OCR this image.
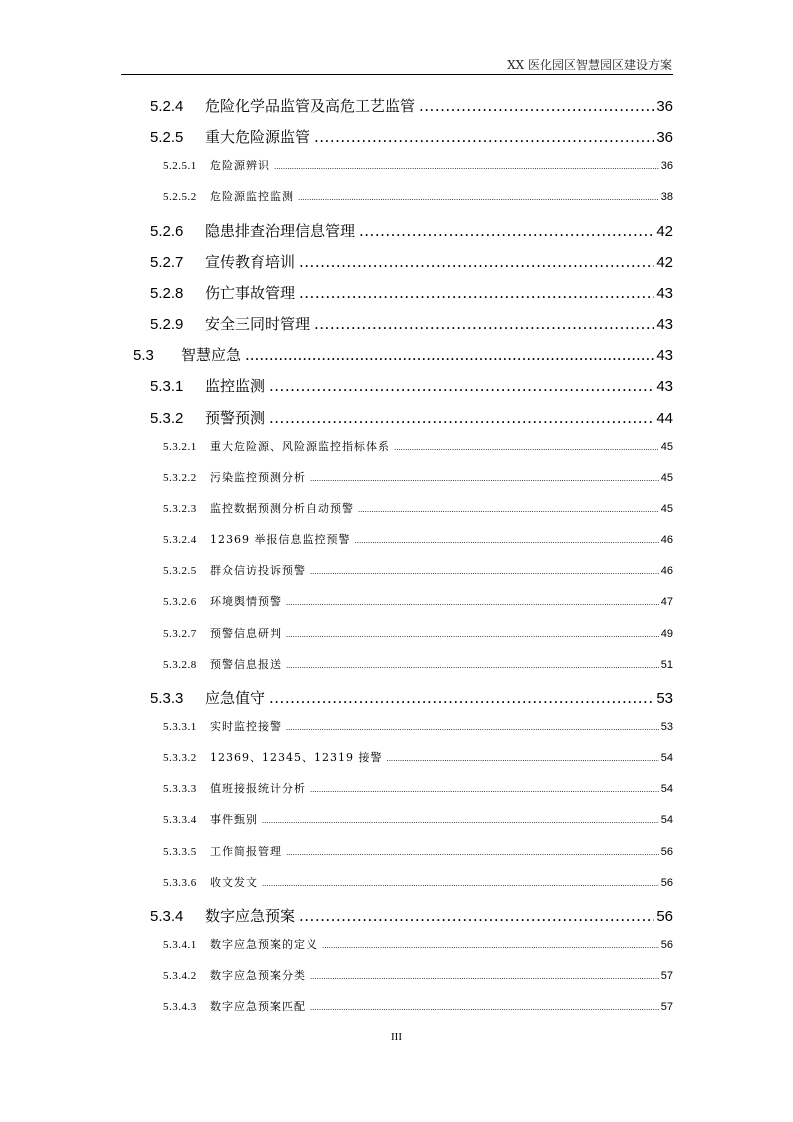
XX 医化园区智慧园区建设方案
5.2.4	危险化学品监管及高危工艺监管 .....	36
5.2.5	重大危险源监管 .....	36
5.2.5.1	危险源辨识 .....	36
5.2.5.2	危险源监控监测 .....	38
5.2.6	隐患排查治理信息管理 .....	42
5.2.7	宣传教育培训 .....	42
5.2.8	伤亡事故管理 .....	43
5.2.9	安全三同时管理 .....	43
5.3	智慧应急 .....	43
5.3.1	监控监测 .....	43
5.3.2	预警预测 .....	44
5.3.2.1	重大危险源、风险源监控指标体系 .....	45
5.3.2.2	污染监控预测分析 .....	45
5.3.2.3	监控数据预测分析自动预警 .....	45
5.3.2.4	12369 举报信息监控预警 .....	46
5.3.2.5	群众信访投诉预警 .....	46
5.3.2.6	环境舆情预警 .....	47
5.3.2.7	预警信息研判 .....	49
5.3.2.8	预警信息报送 .....	51
5.3.3	应急值守 .....	53
5.3.3.1	实时监控接警 .....	53
5.3.3.2	12369、12345、12319 接警 .....	54
5.3.3.3	值班接报统计分析 .....	54
5.3.3.4	事件甄别 .....	54
5.3.3.5	工作简报管理 .....	56
5.3.3.6	收文发文 .....	56
5.3.4	数字应急预案 .....	56
5.3.4.1	数字应急预案的定义 .....	56
5.3.4.2	数字应急预案分类 .....	57
5.3.4.3	数字应急预案匹配 .....	57
III
